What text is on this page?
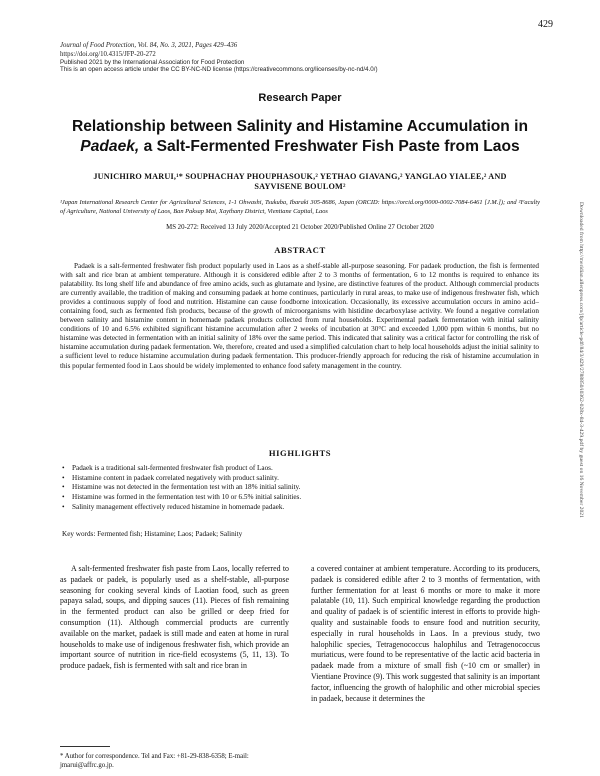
429
Journal of Food Protection, Vol. 84, No. 3, 2021, Pages 429–436
https://doi.org/10.4315/JFP-20-272
Published 2021 by the International Association for Food Protection
This is an open access article under the CC BY-NC-ND license (https://creativecommons.org/licenses/by-nc-nd/4.0/)
Research Paper
Relationship between Salinity and Histamine Accumulation in
Padaek, a Salt-Fermented Freshwater Fish Paste from Laos
JUNICHIRO MARUI,¹* SOUPHACHAY PHOUPHASOUK,² YETHAO GIAVANG,² YANGLAO YIALEE,² AND
SAYVISENE BOULOM²
¹Japan International Research Center for Agricultural Sciences, 1-1 Ohwashi, Tsukuba, Ibaraki 305-8686, Japan (ORCID: https://orcid.org/0000-0002-7084-6461 [J.M.]); and ²Faculty of Agriculture, National University of Laos, Ban Paksap Mai, Xaythany District, Vientiane Capital, Laos
MS 20-272: Received 13 July 2020/Accepted 21 October 2020/Published Online 27 October 2020
ABSTRACT
Padaek is a salt-fermented freshwater fish product popularly used in Laos as a shelf-stable all-purpose seasoning. For padaek production, the fish is fermented with salt and rice bran at ambient temperature. Although it is considered edible after 2 to 3 months of fermentation, 6 to 12 months is required to enhance its palatability. Its long shelf life and abundance of free amino acids, such as glutamate and lysine, are distinctive features of the product. Although commercial products are currently available, the tradition of making and consuming padaek at home continues, particularly in rural areas, to make use of indigenous freshwater fish, which provides a continuous supply of food and nutrition. Histamine can cause foodborne intoxication. Occasionally, its excessive accumulation occurs in amino acid–containing food, such as fermented fish products, because of the growth of microorganisms with histidine decarboxylase activity. We found a negative correlation between salinity and histamine content in homemade padaek products collected from rural households. Experimental padaek fermentation with initial salinity conditions of 10 and 6.5% exhibited significant histamine accumulation after 2 weeks of incubation at 30°C and exceeded 1,000 ppm within 6 months, but no histamine was detected in fermentation with an initial salinity of 18% over the same period. This indicated that salinity was a critical factor for controlling the risk of histamine accumulation during padaek fermentation. We, therefore, created and used a simplified calculation chart to help local households adjust the initial salinity to a sufficient level to reduce histamine accumulation during padaek fermentation. This producer-friendly approach for reducing the risk of histamine accumulation in this popular fermented food in Laos should be widely implemented to enhance food safety management in the country.
HIGHLIGHTS
• Padaek is a traditional salt-fermented freshwater fish product of Laos.
• Histamine content in padaek correlated negatively with product salinity.
• Histamine was not detected in the fermentation test with an 18% initial salinity.
• Histamine was formed in the fermentation test with 10 or 6.5% initial salinities.
• Salinity management effectively reduced histamine in homemade padaek.
Key words: Fermented fish; Histamine; Laos; Padaek; Salinity
A salt-fermented freshwater fish paste from Laos, locally referred to as padaek or padek, is popularly used as a shelf-stable, all-purpose seasoning for cooking several kinds of Laotian food, such as green papaya salad, soups, and dipping sauces (11). Pieces of fish remaining in the fermented product can also be grilled or deep fried for consumption (11). Although commercial products are currently available on the market, padaek is still made and eaten at home in rural households to make use of indigenous freshwater fish, which provide an important source of nutrition in rice-field ecosystems (5, 11, 13). To produce padaek, fish is fermented with salt and rice bran in
a covered container at ambient temperature. According to its producers, padaek is considered edible after 2 to 3 months of fermentation, with further fermentation for at least 6 months or more to make it more palatable (10, 11). Such empirical knowledge regarding the production and quality of padaek is of scientific interest in efforts to provide high-quality and sustainable foods to ensure food and nutrition security, especially in rural households in Laos. In a previous study, two halophilic species, Tetragenococcus halophilus and Tetragenococcus muriaticus, were found to be representative of the lactic acid bacteria in padaek made from a mixture of small fish (~10 cm or smaller) in Vientiane Province (9). This work suggested that salinity is an important factor, influencing the growth of halophilic and other microbial species in padaek, because it determines the
* Author for correspondence. Tel and Fax: +81-29-838-6358; E-mail: jmarui@affrc.go.jp.
Downloaded from http://meridian.allenpress.com/jfp/article-pdf/84/3/429/2788850/i0362-028x-84-3-429.pdf by guest on 16 November 2021
